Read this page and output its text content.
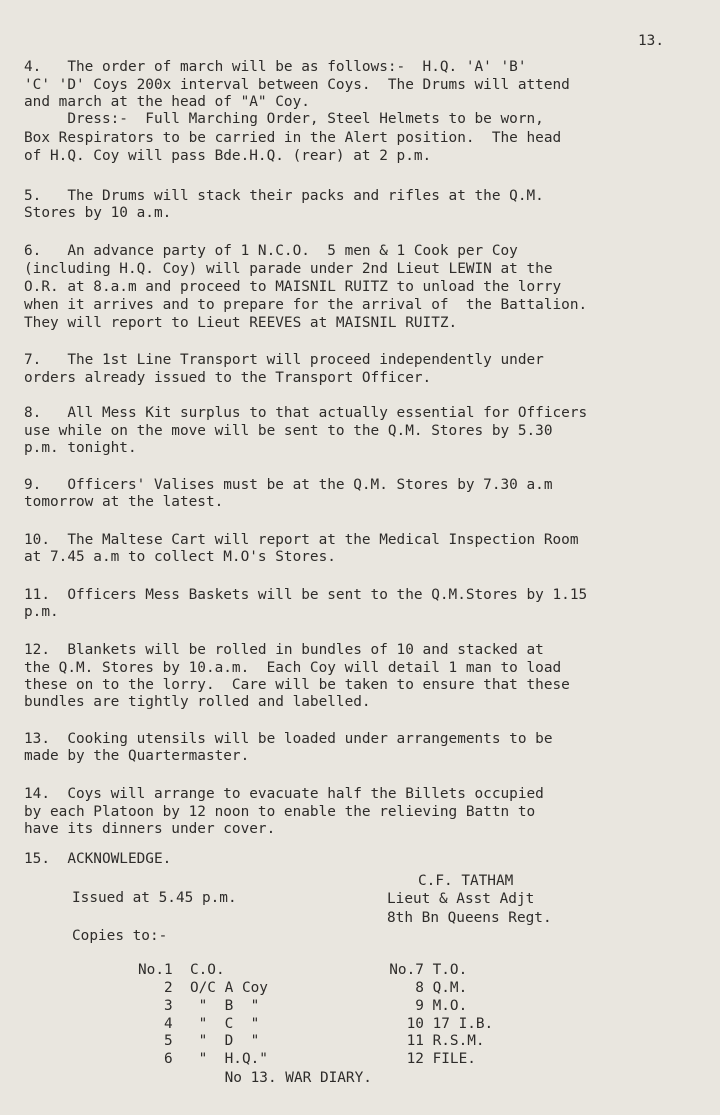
13.
4.   The order of march will be as follows:-  H.Q. 'A' 'B'
'C' 'D' Coys 200x interval between Coys.  The Drums will attend
and march at the head of "A" Coy.
Dress:-  Full Marching Order, Steel Helmets to be worn,
Box Respirators to be carried in the Alert position.  The head
of H.Q. Coy will pass Bde.H.Q. (rear) at 2 p.m.
5.   The Drums will stack their packs and rifles at the Q.M.
Stores by 10 a.m.
6.   An advance party of 1 N.C.O.  5 men & 1 Cook per Coy
(including H.Q. Coy) will parade under 2nd Lieut LEWIN at the
O.R. at 8.a.m and proceed to MAISNIL RUITZ to unload the lorry
when it arrives and to prepare for the arrival of  the Battalion.
They will report to Lieut REEVES at MAISNIL RUITZ.
7.   The 1st Line Transport will proceed independently under
orders already issued to the Transport Officer.
8.   All Mess Kit surplus to that actually essential for Officers
use while on the move will be sent to the Q.M. Stores by 5.30
p.m. tonight.
9.   Officers' Valises must be at the Q.M. Stores by 7.30 a.m
tomorrow at the latest.
10.  The Maltese Cart will report at the Medical Inspection Room
at 7.45 a.m to collect M.O's Stores.
11.  Officers Mess Baskets will be sent to the Q.M.Stores by 1.15
p.m.
12.  Blankets will be rolled in bundles of 10 and stacked at
the Q.M. Stores by 10.a.m.  Each Coy will detail 1 man to load
these on to the lorry.  Care will be taken to ensure that these
bundles are tightly rolled and labelled.
13.  Cooking utensils will be loaded under arrangements to be
made by the Quartermaster.
14.  Coys will arrange to evacuate half the Billets occupied
by each Platoon by 12 noon to enable the relieving Battn to
have its dinners under cover.
15.  ACKNOWLEDGE.
Issued at 5.45 p.m.
C.F. TATHAM
Lieut & Asst Adjt
8th Bn Queens Regt.
Copies to:-
No.1  C.O.                   No.7 T.O.
2  O/C A Coy                 8 Q.M.
3   "  B  "                  9 M.O.
4   "  C  "                 10 17 I.B.
5   "  D  "                 11 R.S.M.
6   "  H.Q."                12 FILE.
No 13. WAR DIARY.
